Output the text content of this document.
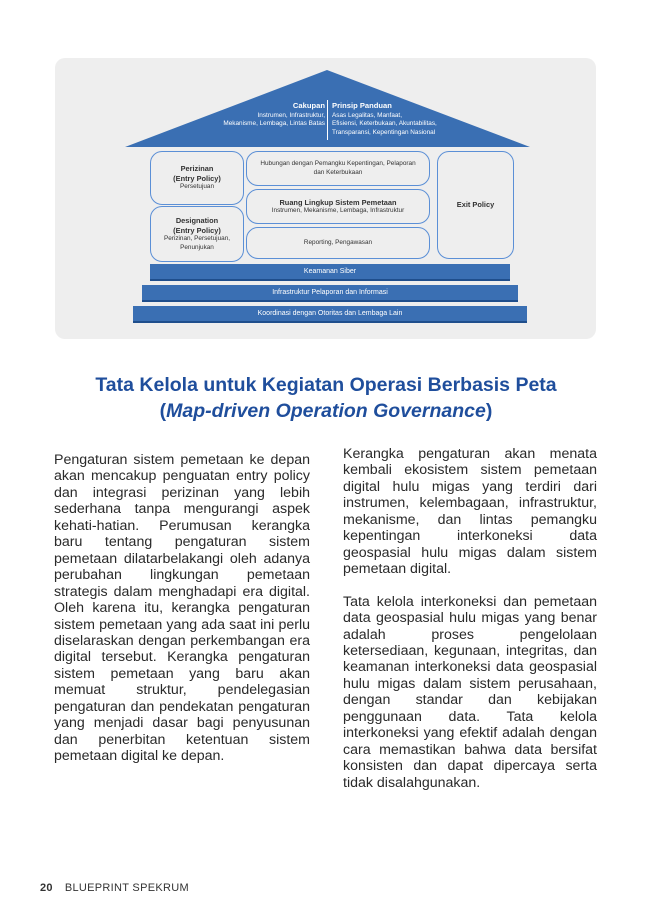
Cakupan
Instrumen, Infrastruktur,
Mekanisme, Lembaga, Lintas Batas
Prinsip Panduan
Asas Legalitas, Manfaat,
Efisiensi, Keterbukaan, Akuntabilitas,
Transparansi, Kepentingan Nasional
Perizinan
(Entry Policy)
Persetujuan
Designation
(Entry Policy)
Perizinan, Persetujuan,
Penunjukan
Hubungan dengan Pemangku Kepentingan, Pelaporan
dan Keterbukaan
Ruang Lingkup Sistem Pemetaan
Instrumen, Mekanisme, Lembaga, Infrastruktur
Reporting, Pengawasan
Exit Policy
Keamanan Siber
Infrastruktur Pelaporan dan Informasi
Koordinasi dengan Otoritas dan Lembaga Lain
Tata Kelola untuk Kegiatan Operasi Berbasis Peta
(Map-driven Operation Governance)

Pengaturan sistem pemetaan ke depan akan mencakup penguatan entry policy dan integrasi perizinan yang lebih sederhana tanpa mengurangi aspek kehati-hatian. Perumusan kerangka baru tentang pengaturan sistem pemetaan dilatarbelakangi oleh adanya perubahan lingkungan pemetaan strategis dalam menghadapi era digital. Oleh karena itu, kerangka pengaturan sistem pemetaan yang ada saat ini perlu diselaraskan dengan perkembangan era digital tersebut. Kerangka pengaturan sistem pemetaan yang baru akan memuat struktur, pendelegasian pengaturan dan pendekatan pengaturan yang menjadi dasar bagi penyusunan dan penerbitan ketentuan sistem pemetaan digital ke depan.

Kerangka pengaturan akan menata kembali ekosistem sistem pemetaan digital hulu migas yang terdiri dari instrumen, kelembagaan, infrastruktur, mekanisme, dan lintas pemangku kepentingan interkoneksi data geospasial hulu migas dalam sistem pemetaan digital.

Tata kelola interkoneksi dan pemetaan data geospasial hulu migas yang benar adalah proses pengelolaan ketersediaan, kegunaan, integritas, dan keamanan interkoneksi data geospasial hulu migas dalam sistem perusahaan, dengan standar dan kebijakan penggunaan data. Tata kelola interkoneksi yang efektif adalah dengan cara memastikan bahwa data bersifat konsisten dan dapat dipercaya serta tidak disalahgunakan.

20 BLUEPRINT SPEKRUM
